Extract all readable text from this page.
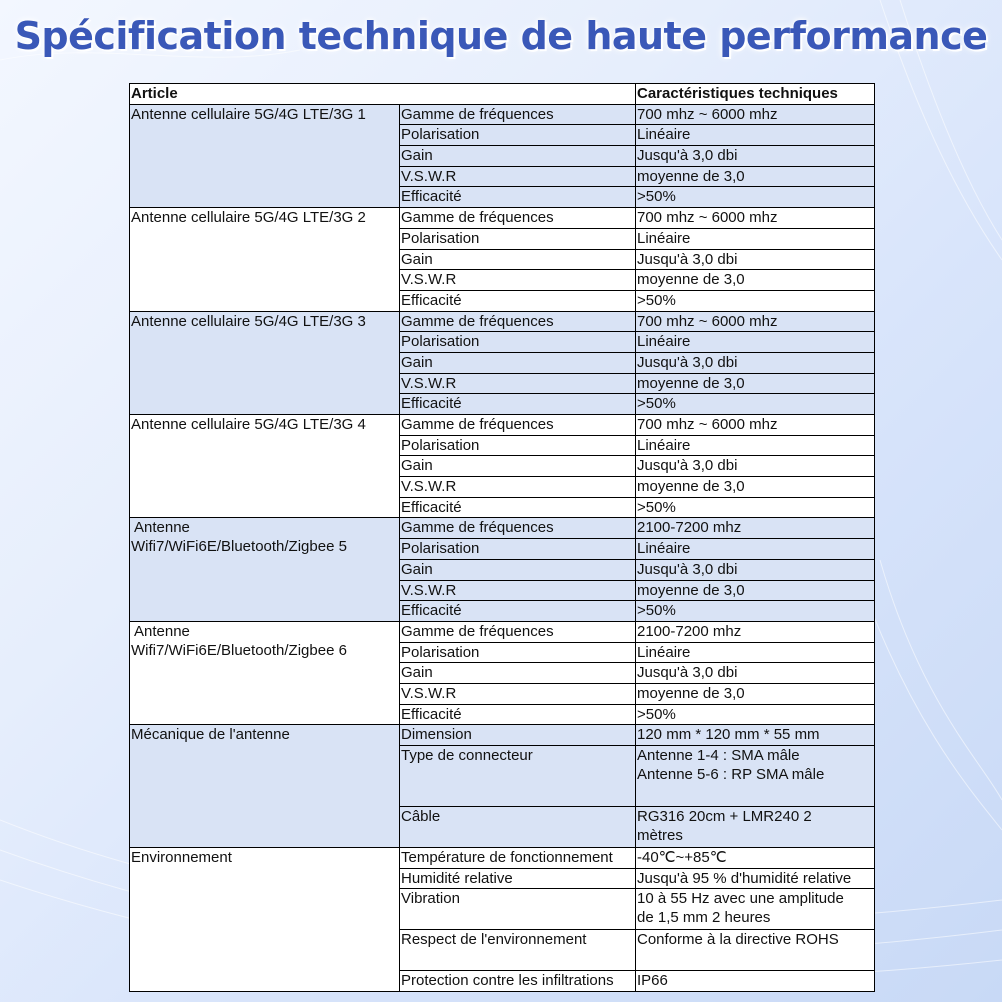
Spécification technique de haute performance
Article		Caractéristiques techniques
Antenne cellulaire 5G/4G LTE/3G 1	Gamme de fréquences	700 mhz ~ 6000 mhz
	Polarisation	Linéaire
	Gain	Jusqu'à 3,0 dbi
	V.S.W.R	moyenne de 3,0
	Efficacité	>50%
Antenne cellulaire 5G/4G LTE/3G 2	Gamme de fréquences	700 mhz ~ 6000 mhz
	Polarisation	Linéaire
	Gain	Jusqu'à 3,0 dbi
	V.S.W.R	moyenne de 3,0
	Efficacité	>50%
Antenne cellulaire 5G/4G LTE/3G 3	Gamme de fréquences	700 mhz ~ 6000 mhz
	Polarisation	Linéaire
	Gain	Jusqu'à 3,0 dbi
	V.S.W.R	moyenne de 3,0
	Efficacité	>50%
Antenne cellulaire 5G/4G LTE/3G 4	Gamme de fréquences	700 mhz ~ 6000 mhz
	Polarisation	Linéaire
	Gain	Jusqu'à 3,0 dbi
	V.S.W.R	moyenne de 3,0
	Efficacité	>50%

Antenne
Wifi7/WiFi6E/Bluetooth/Zigbee 5	Gamme de fréquences	2100-7200 mhz
	Polarisation	Linéaire
	Gain	Jusqu'à 3,0 dbi
	V.S.W.R	moyenne de 3,0
	Efficacité	>50%

Antenne
Wifi7/WiFi6E/Bluetooth/Zigbee 6	Gamme de fréquences	2100-7200 mhz
	Polarisation	Linéaire
	Gain	Jusqu'à 3,0 dbi
	V.S.W.R	moyenne de 3,0
	Efficacité	>50%
Mécanique de l'antenne	Dimension	120 mm * 120 mm * 55 mm
	Type de connecteur	Antenne 1-4 : SMA mâle
Antenne 5-6 : RP SMA mâle

	Câble	RG316 20cm + LMR240 2
mètres

Environnement	Température de fonctionnement	-40℃~+85℃
	Humidité relative	Jusqu'à 95 % d'humidité relative
	Vibration	10 à 55 Hz avec une amplitude
de 1,5 mm 2 heures

	Respect de l'environnement	Conforme à la directive ROHS
	Protection contre les infiltrations	IP66
